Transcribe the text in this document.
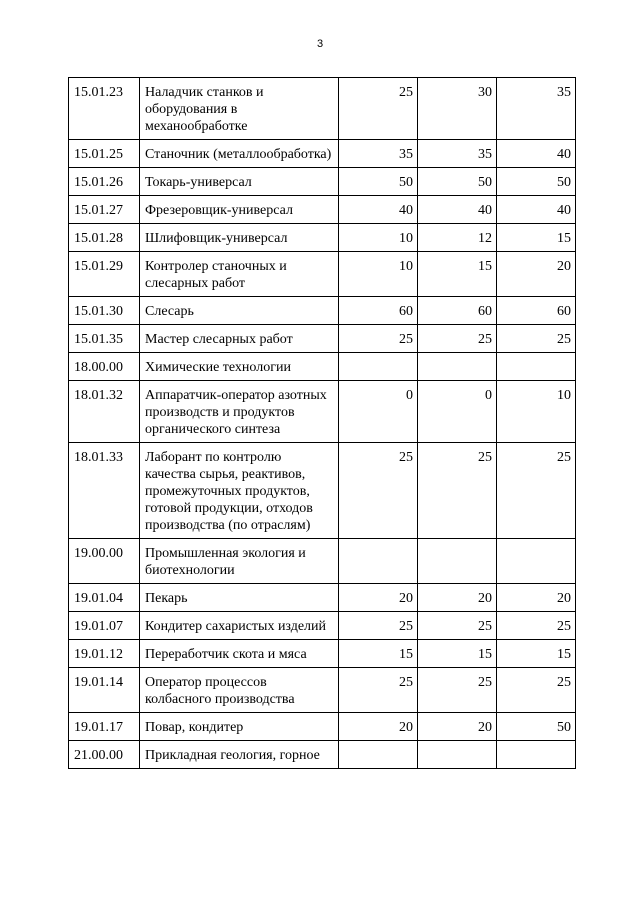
3
15.01.23	Наладчик станков и оборудования в механообработке	25	30	35
15.01.25	Станочник (металлообработка)	35	35	40
15.01.26	Токарь-универсал	50	50	50
15.01.27	Фрезеровщик-универсал	40	40	40
15.01.28	Шлифовщик-универсал	10	12	15
15.01.29	Контролер станочных и слесарных работ	10	15	20
15.01.30	Слесарь	60	60	60
15.01.35	Мастер слесарных работ	25	25	25
18.00.00	Химические технологии			
18.01.32	Аппаратчик-оператор азотных производств и продуктов органического синтеза	0	0	10
18.01.33	Лаборант по контролю качества сырья, реактивов, промежуточных продуктов, готовой продукции, отходов производства (по отраслям)	25	25	25
19.00.00	Промышленная экология и биотехнологии			
19.01.04	Пекарь	20	20	20
19.01.07	Кондитер сахаристых изделий	25	25	25
19.01.12	Переработчик скота и мяса	15	15	15
19.01.14	Оператор процессов колбасного производства	25	25	25
19.01.17	Повар, кондитер	20	20	50
21.00.00	Прикладная геология, горное			
